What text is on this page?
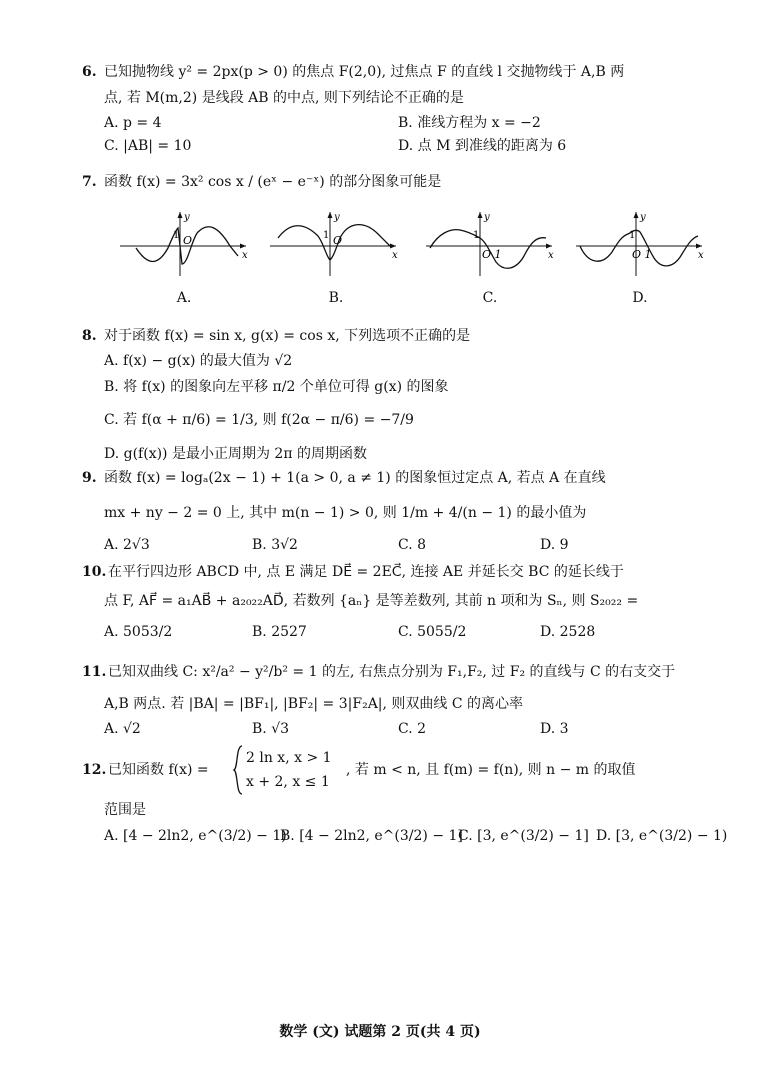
6. 已知抛物线 y² = 2px(p > 0) 的焦点 F(2,0), 过焦点 F 的直线 l 交抛物线于 A,B 两
点, 若 M(m,2) 是线段 AB 的中点, 则下列结论不正确的是
A. p = 4	B. 准线方程为 x = −2
C. |AB| = 10	D. 点 M 到准线的距离为 6
7. 函数 f(x) = 3x² cos x / (eˣ − e⁻ˣ) 的部分图象可能是
1 O
y
x
A.
1 O
y
x
B.
1
O 1
y
x
C.
1
O 1
y
x
D.
8. 对于函数 f(x) = sin x, g(x) = cos x, 下列选项不正确的是
A. f(x) − g(x) 的最大值为 √2
B. 将 f(x) 的图象向左平移 π/2 个单位可得 g(x) 的图象
C. 若 f(α + π/6) = 1/3, 则 f(2α − π/6) = −7/9
D. g(f(x)) 是最小正周期为 2π 的周期函数
9. 函数 f(x) = logₐ(2x − 1) + 1(a > 0, a ≠ 1) 的图象恒过定点 A, 若点 A 在直线
mx + ny − 2 = 0 上, 其中 m(n − 1) > 0, 则 1/m + 4/(n − 1) 的最小值为
A. 2√3	B. 3√2	C. 8	D. 9
10. 在平行四边形 ABCD 中, 点 E 满足 DE⃗ = 2EC⃗, 连接 AE 并延长交 BC 的延长线于
点 F, AF⃗ = a₁AB⃗ + a₂₀₂₂AD⃗, 若数列 {aₙ} 是等差数列, 其前 n 项和为 Sₙ, 则 S₂₀₂₂ =
A. 5053/2	B. 2527	C. 5055/2	D. 2528
11. 已知双曲线 C: x²/a² − y²/b² = 1 的左, 右焦点分别为 F₁,F₂, 过 F₂ 的直线与 C 的右支交于
A,B 两点. 若 |BA| = |BF₁|, |BF₂| = 3|F₂A|, 则双曲线 C 的离心率
A. √2	B. √3	C. 2	D. 3
12. 已知函数 f(x) =
2 ln x, x > 1
x + 2, x ≤ 1
, 若 m < n, 且 f(m) = f(n), 则 n − m 的取值
范围是
A. [4 − 2ln2, e^(3/2) − 1)
B. [4 − 2ln2, e^(3/2) − 1]
C. [3, e^(3/2) − 1] D. [3, e^(3/2) − 1)
数学 (文) 试题第 2 页(共 4 页)
